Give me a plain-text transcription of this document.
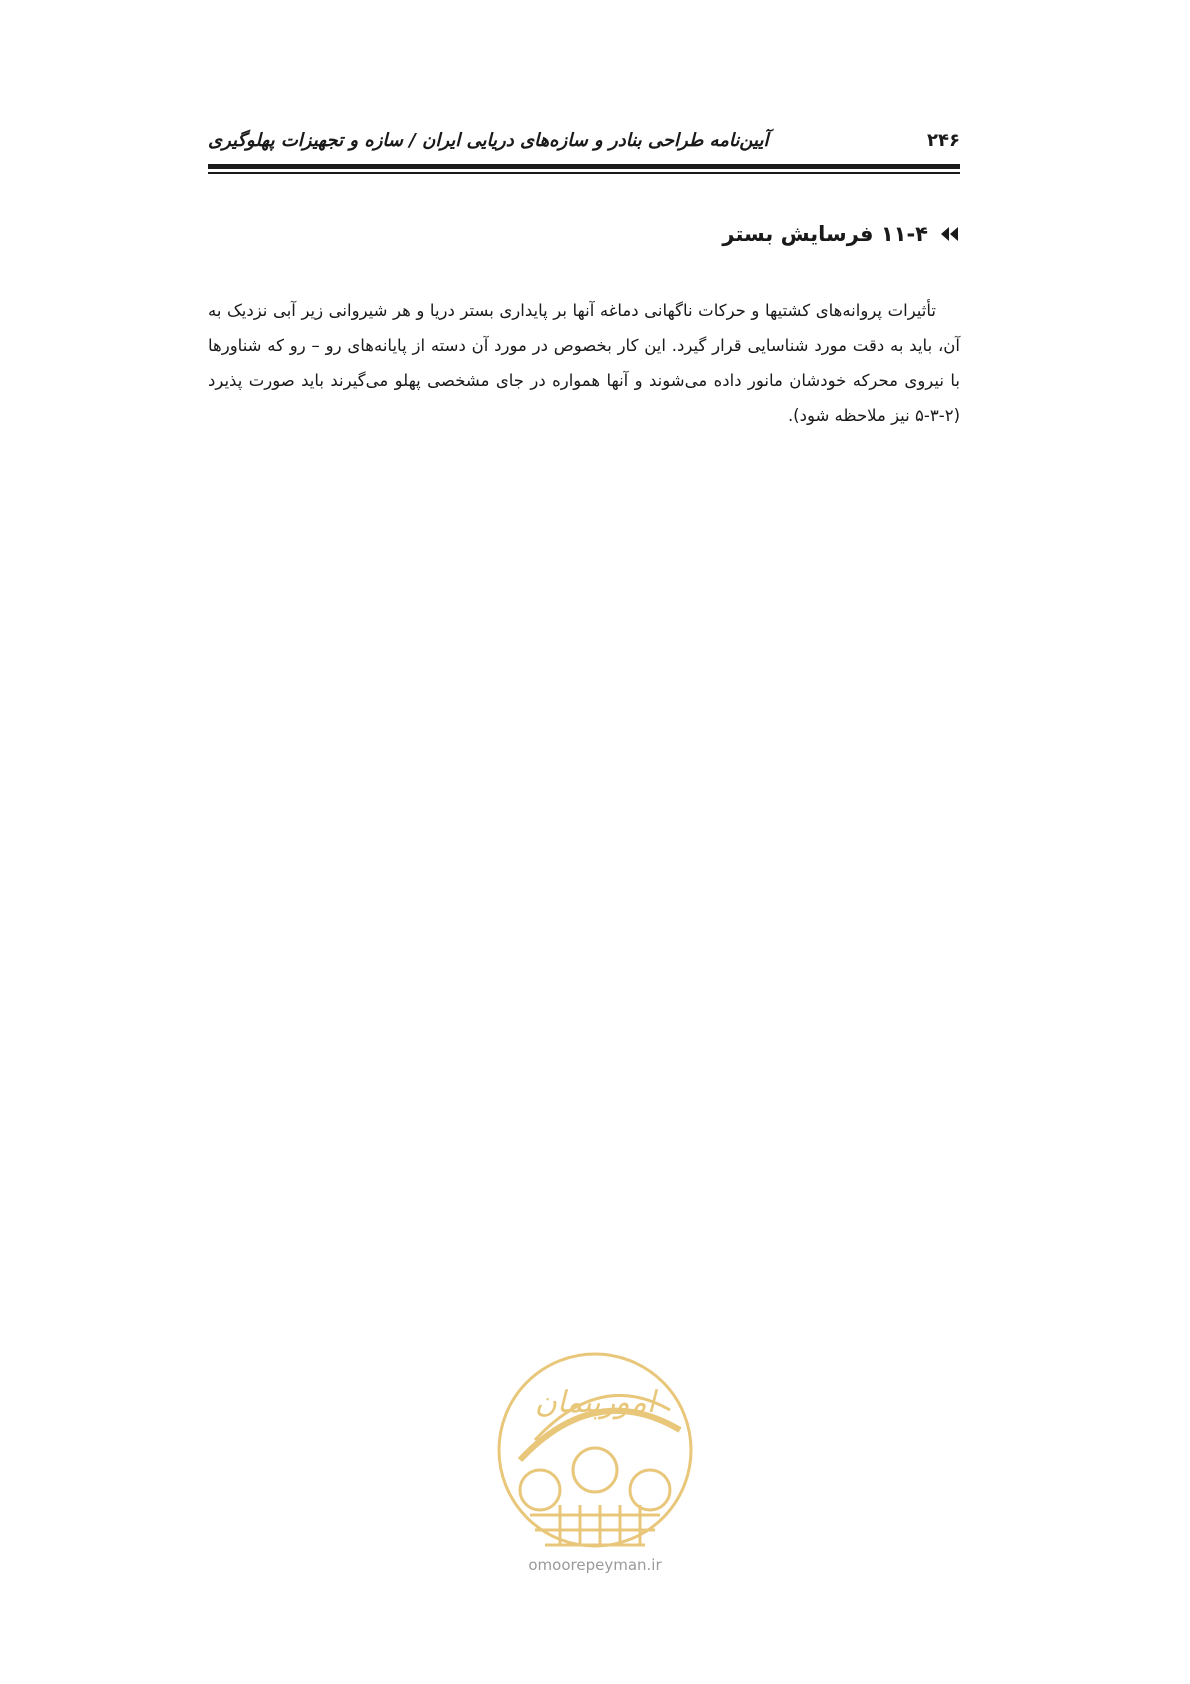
آیین‌نامه طراحی بنادر و سازه‌های دریایی ایران / سازه و تجهیزات پهلوگیری	۲۴۶
۱۱-۴ فرسایش بستر

تأثیرات پروانه‌های کشتیها و حرکات ناگهانی دماغه آنها بر پایداری بستر دریا و هر شیروانی زیر آبی نزدیک به آن، باید به دقت مورد شناسایی قرار گیرد. این کار بخصوص در مورد آن دسته از پایانه‌های رو – رو که شناورها با نیروی محرکه خودشان مانور داده می‌شوند و آنها همواره در جای مشخصی پهلو می‌گیرند باید صورت پذیرد (۲-۳-۵ نیز ملاحظه شود).

امورپیمان
omoorepeyman.ir
